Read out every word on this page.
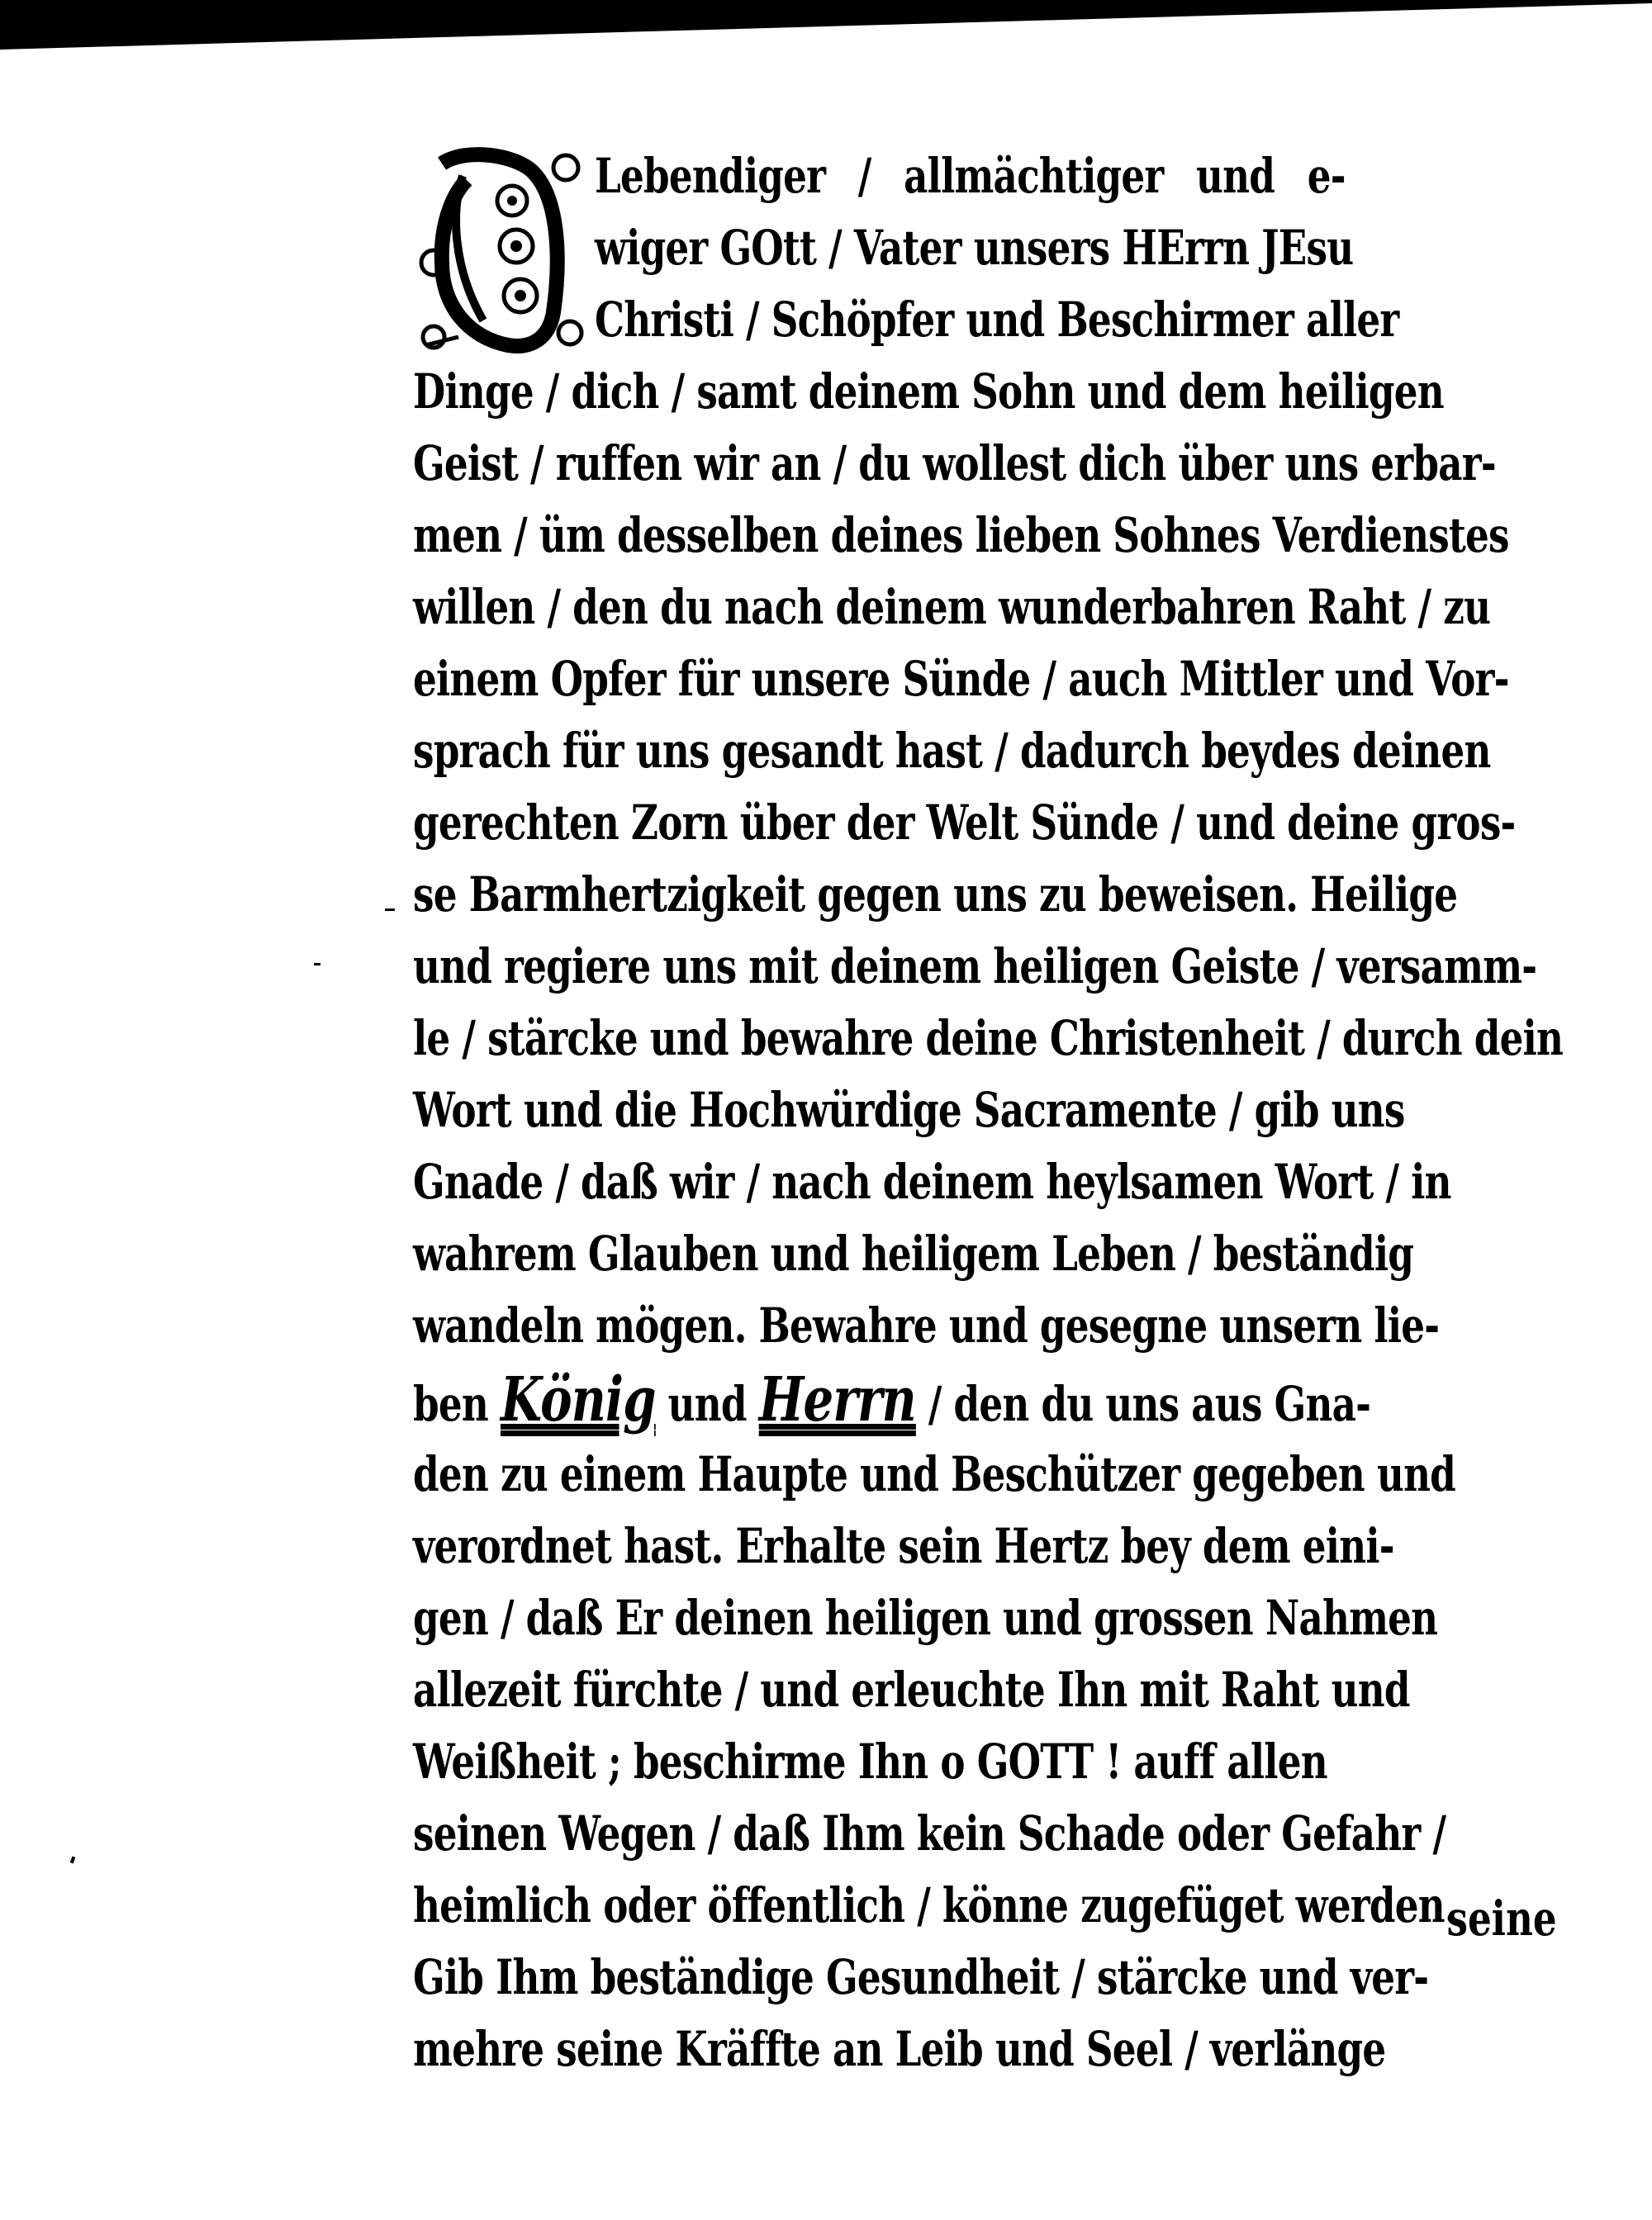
Lebendiger / allmächtiger und e-
wiger GOtt / Vater unsers HErrn JEsu
Christi / Schöpfer und Beschirmer aller
Dinge / dich / samt deinem Sohn und dem heiligen
Geist / ruffen wir an / du wollest dich über uns erbar-
men / üm desselben deines lieben Sohnes Verdienstes
willen / den du nach deinem wunderbahren Raht / zu
einem Opfer für unsere Sünde / auch Mittler und Vor-
sprach für uns gesandt hast / dadurch beydes deinen
gerechten Zorn über der Welt Sünde / und deine gros-
se Barmhertzigkeit gegen uns zu beweisen. Heilige
und regiere uns mit deinem heiligen Geiste / versamm-
le / stärcke und bewahre deine Christenheit / durch dein
Wort und die Hochwürdige Sacramente / gib uns
Gnade / daß wir / nach deinem heylsamen Wort / in
wahrem Glauben und heiligem Leben / beständig
wandeln mögen. Bewahre und gesegne unsern lie-
ben König und Herrn / den du uns aus Gna-
den zu einem Haupte und Beschützer gegeben und
verordnet hast. Erhalte sein Hertz bey dem eini-
gen / daß Er deinen heiligen und grossen Nahmen
allezeit fürchte / und erleuchte Ihn mit Raht und
Weißheit ; beschirme Ihn o GOTT ! auff allen
seinen Wegen / daß Ihm kein Schade oder Gefahr /
heimlich oder öffentlich / könne zugefüget werden.
Gib Ihm beständige Gesundheit / stärcke und ver-
mehre seine Kräffte an Leib und Seel / verlänge
seine
